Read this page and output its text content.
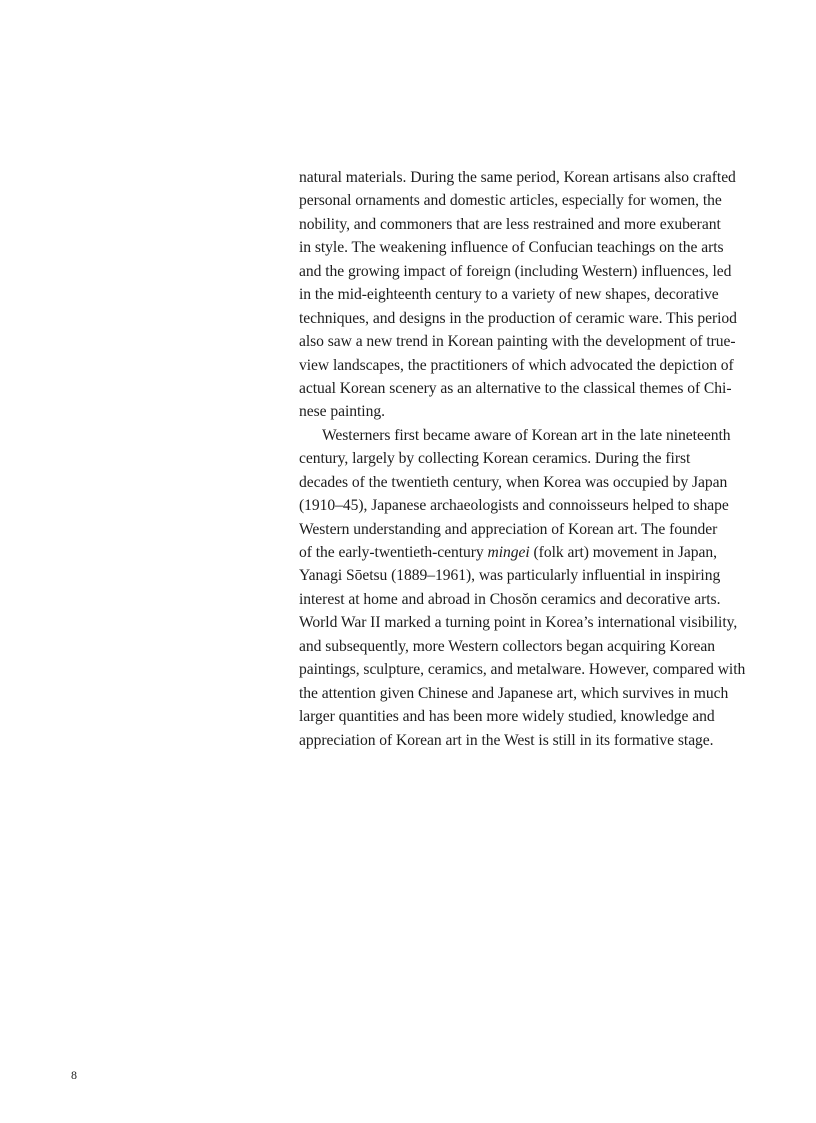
natural materials. During the same period, Korean artisans also crafted
personal ornaments and domestic articles, especially for women, the
nobility, and commoners that are less restrained and more exuberant
in style. The weakening influence of Confucian teachings on the arts
and the growing impact of foreign (including Western) influences, led
in the mid-eighteenth century to a variety of new shapes, decorative
techniques, and designs in the production of ceramic ware. This period
also saw a new trend in Korean painting with the development of true-
view landscapes, the practitioners of which advocated the depiction of
actual Korean scenery as an alternative to the classical themes of Chi-
nese painting.
Westerners first became aware of Korean art in the late nineteenth
century, largely by collecting Korean ceramics. During the first
decades of the twentieth century, when Korea was occupied by Japan
(1910–45), Japanese archaeologists and connoisseurs helped to shape
Western understanding and appreciation of Korean art. The founder
of the early-twentieth-century mingei (folk art) movement in Japan,
Yanagi Sōetsu (1889–1961), was particularly influential in inspiring
interest at home and abroad in Chosŏn ceramics and decorative arts.
World War II marked a turning point in Korea’s international visibility,
and subsequently, more Western collectors began acquiring Korean
paintings, sculpture, ceramics, and metalware. However, compared with
the attention given Chinese and Japanese art, which survives in much
larger quantities and has been more widely studied, knowledge and
appreciation of Korean art in the West is still in its formative stage.
8
